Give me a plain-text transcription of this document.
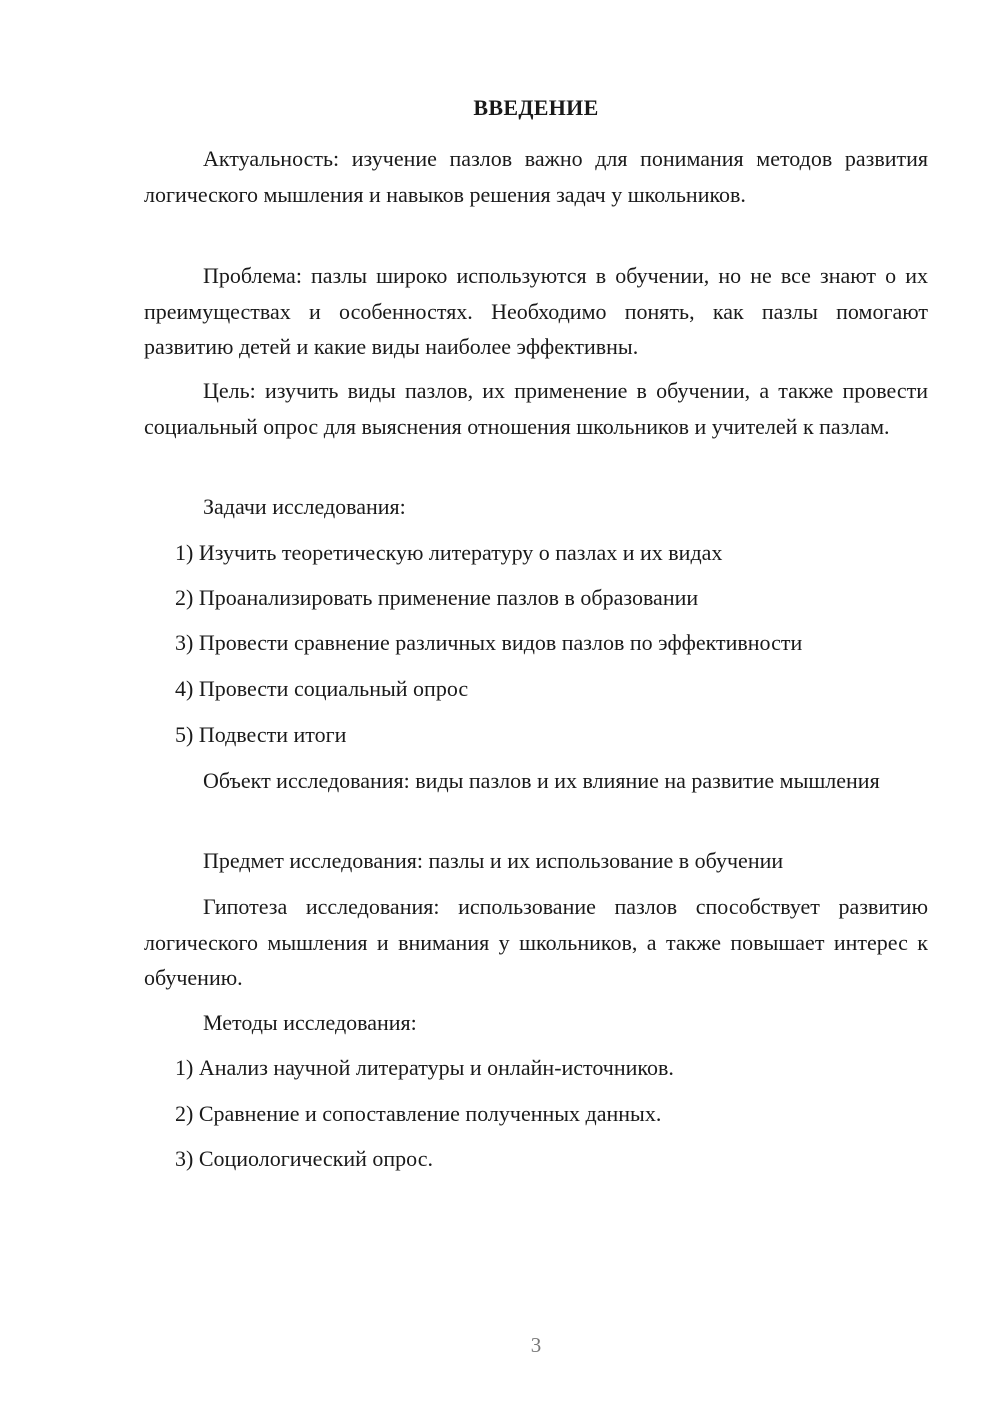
ВВЕДЕНИЕ

Актуальность: изучение пазлов важно для понимания методов развития логического мышления и навыков решения задач у школьников.

Проблема: пазлы широко используются в обучении, но не все знают о их преимуществах и особенностях. Необходимо понять, как пазлы помогают развитию детей и какие виды наиболее эффективны.

Цель: изучить виды пазлов, их применение в обучении, а также провести социальный опрос для выяснения отношения школьников и учителей к пазлам.

Задачи исследования:

1) Изучить теоретическую литературу о пазлах и их видах

2) Проанализировать применение пазлов в образовании

3) Провести сравнение различных видов пазлов по эффективности

4) Провести социальный опрос

5) Подвести итоги

Объект исследования: виды пазлов и их влияние на развитие мышления

Предмет исследования: пазлы и их использование в обучении

Гипотеза исследования: использование пазлов способствует развитию логического мышления и внимания у школьников, а также повышает интерес к обучению.

Методы исследования:

1) Анализ научной литературы и онлайн-источников.

2) Сравнение и сопоставление полученных данных.

3) Социологический опрос.

3
